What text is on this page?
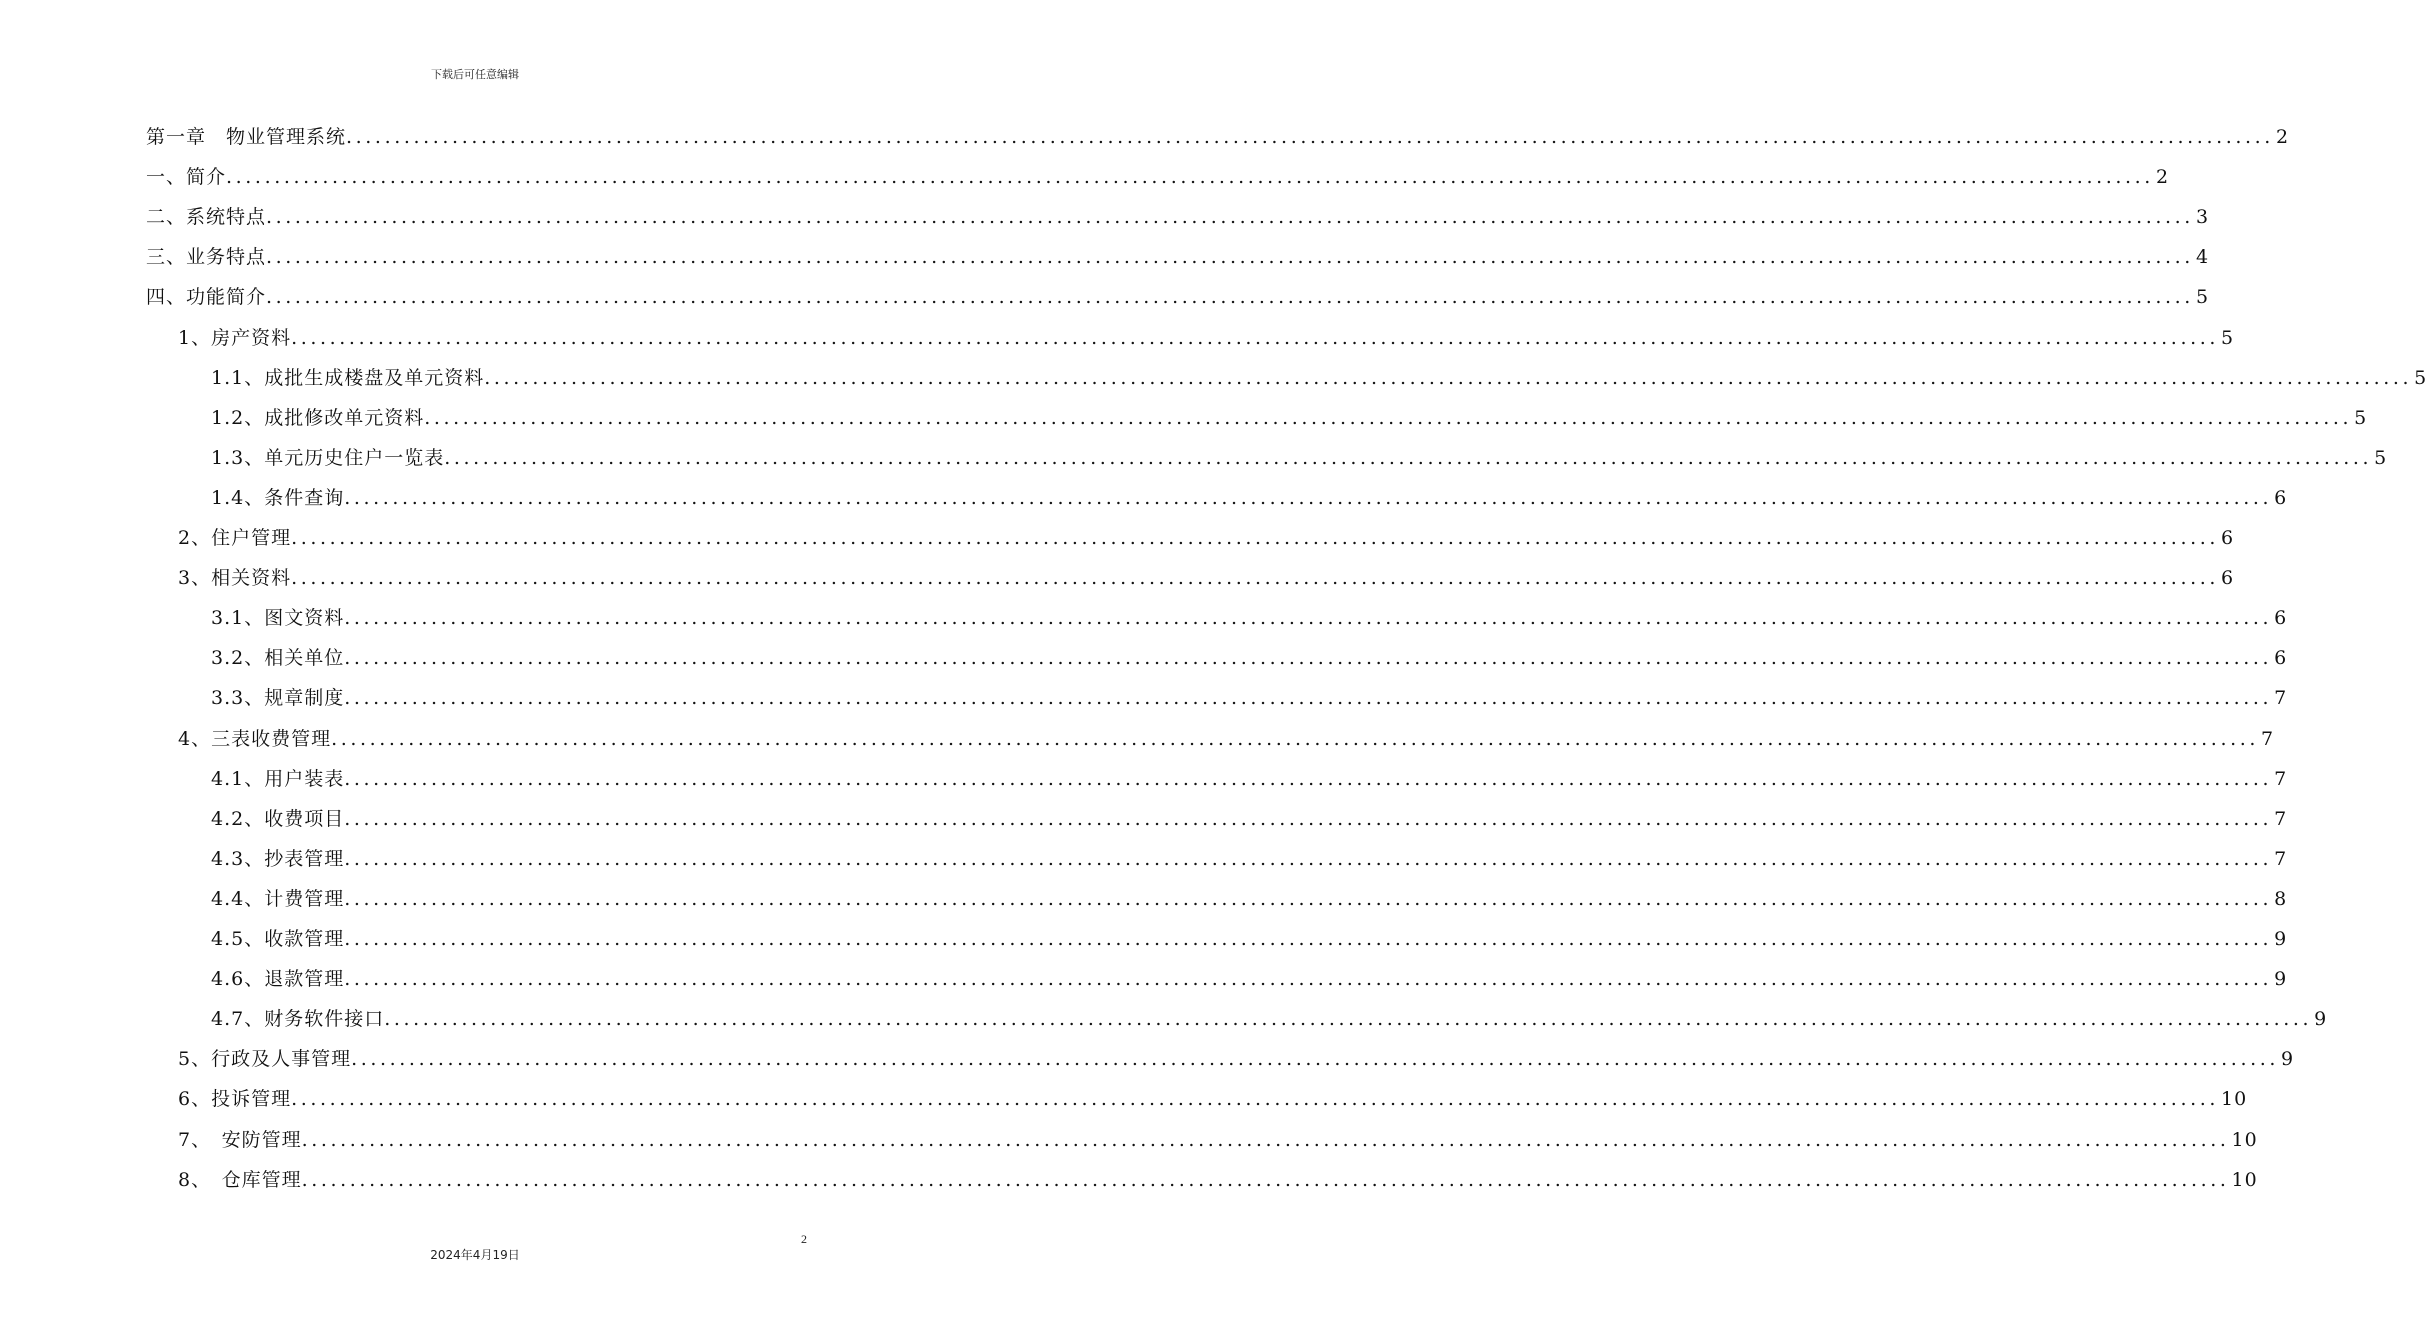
下载后可任意编辑
第一章　物业管理系统 ........................................................................................................................................................................................................ 2
一、简介 ........................................................................................................................................................................................................ 2
二、系统特点 ........................................................................................................................................................................................................ 3
三、业务特点 ........................................................................................................................................................................................................ 4
四、功能简介 ........................................................................................................................................................................................................ 5
1、房产资料 ........................................................................................................................................................................................................ 5
1.1、成批生成楼盘及单元资料 ........................................................................................................................................................................................................ 5
1.2、成批修改单元资料 ........................................................................................................................................................................................................ 5
1.3、单元历史住户一览表 ........................................................................................................................................................................................................ 5
1.4、条件查询 ........................................................................................................................................................................................................ 6
2、住户管理 ........................................................................................................................................................................................................ 6
3、相关资料 ........................................................................................................................................................................................................ 6
3.1、图文资料 ........................................................................................................................................................................................................ 6
3.2、相关单位 ........................................................................................................................................................................................................ 6
3.3、规章制度 ........................................................................................................................................................................................................ 7
4、三表收费管理 ........................................................................................................................................................................................................ 7
4.1、用户装表 ........................................................................................................................................................................................................ 7
4.2、收费项目 ........................................................................................................................................................................................................ 7
4.3、抄表管理 ........................................................................................................................................................................................................ 7
4.4、计费管理 ........................................................................................................................................................................................................ 8
4.5、收款管理 ........................................................................................................................................................................................................ 9
4.6、退款管理 ........................................................................................................................................................................................................ 9
4.7、财务软件接口 ........................................................................................................................................................................................................ 9
5、行政及人事管理 ........................................................................................................................................................................................................ 9
6、投诉管理 ........................................................................................................................................................................................................ 10
7、　安防管理 ........................................................................................................................................................................................................ 10
8、　仓库管理 ........................................................................................................................................................................................................ 10
2
2024年4月19日
